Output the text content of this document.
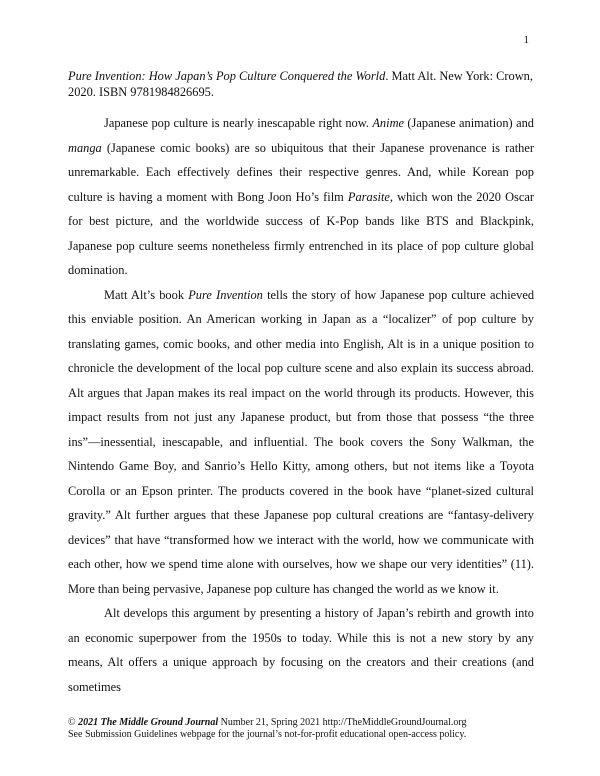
1
Pure Invention: How Japan’s Pop Culture Conquered the World. Matt Alt. New York: Crown, 2020. ISBN 9781984826695.

Japanese pop culture is nearly inescapable right now. Anime (Japanese animation) and manga (Japanese comic books) are so ubiquitous that their Japanese provenance is rather unremarkable. Each effectively defines their respective genres. And, while Korean pop culture is having a moment with Bong Joon Ho’s film Parasite, which won the 2020 Oscar for best picture, and the worldwide success of K-Pop bands like BTS and Blackpink, Japanese pop culture seems nonetheless firmly entrenched in its place of pop culture global domination.

Matt Alt’s book Pure Invention tells the story of how Japanese pop culture achieved this enviable position. An American working in Japan as a “localizer” of pop culture by translating games, comic books, and other media into English, Alt is in a unique position to chronicle the development of the local pop culture scene and also explain its success abroad. Alt argues that Japan makes its real impact on the world through its products. However, this impact results from not just any Japanese product, but from those that possess “the three ins”—inessential, inescapable, and influential. The book covers the Sony Walkman, the Nintendo Game Boy, and Sanrio’s Hello Kitty, among others, but not items like a Toyota Corolla or an Epson printer. The products covered in the book have “planet-sized cultural gravity.” Alt further argues that these Japanese pop cultural creations are “fantasy-delivery devices” that have “transformed how we interact with the world, how we communicate with each other, how we spend time alone with ourselves, how we shape our very identities” (11). More than being pervasive, Japanese pop culture has changed the world as we know it.

Alt develops this argument by presenting a history of Japan’s rebirth and growth into an economic superpower from the 1950s to today. While this is not a new story by any means, Alt offers a unique approach by focusing on the creators and their creations (and sometimes

© 2021 The Middle Ground Journal Number 21, Spring 2021 http://TheMiddleGroundJournal.org
See Submission Guidelines webpage for the journal’s not-for-profit educational open-access policy.
